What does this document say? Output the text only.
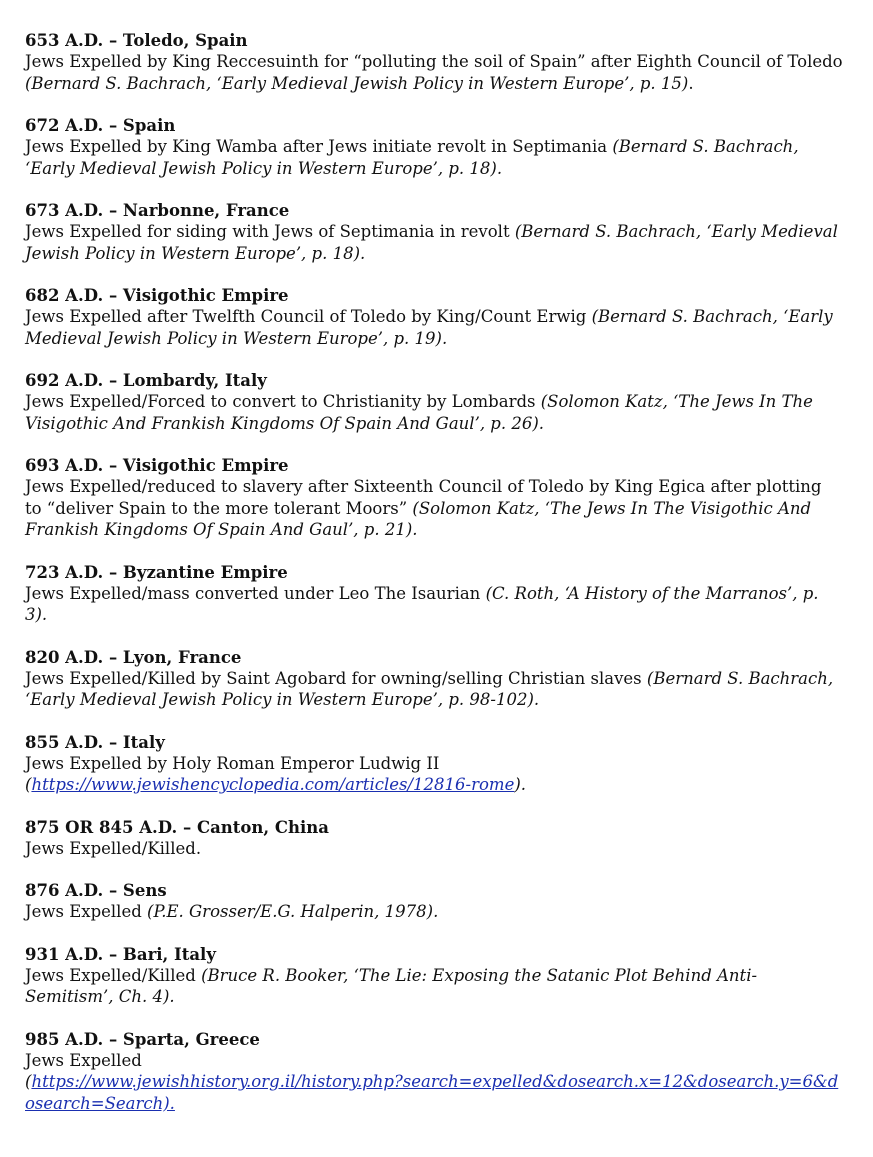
653 A.D. – Toledo, Spain
Jews Expelled by King Reccesuinth for “polluting the soil of Spain” after Eighth Council of Toledo (Bernard S. Bachrach, ‘Early Medieval Jewish Policy in Western Europe’, p. 15).
672 A.D. – Spain
Jews Expelled by King Wamba after Jews initiate revolt in Septimania (Bernard S. Bachrach, ‘Early Medieval Jewish Policy in Western Europe’, p. 18).
673 A.D. – Narbonne, France
Jews Expelled for siding with Jews of Septimania in revolt (Bernard S. Bachrach, ‘Early Medieval Jewish Policy in Western Europe’, p. 18).
682 A.D. – Visigothic Empire
Jews Expelled after Twelfth Council of Toledo by King/Count Erwig (Bernard S. Bachrach, ‘Early Medieval Jewish Policy in Western Europe’, p. 19).
692 A.D. – Lombardy, Italy
Jews Expelled/Forced to convert to Christianity by Lombards (Solomon Katz, ‘The Jews In The Visigothic And Frankish Kingdoms Of Spain And Gaul’, p. 26).
693 A.D. – Visigothic Empire
Jews Expelled/reduced to slavery after Sixteenth Council of Toledo by King Egica after plotting to “deliver Spain to the more tolerant Moors” (Solomon Katz, ‘The Jews In The Visigothic And Frankish Kingdoms Of Spain And Gaul’, p. 21).
723 A.D. – Byzantine Empire
Jews Expelled/mass converted under Leo The Isaurian (C. Roth, ‘A History of the Marranos’, p. 3).
820 A.D. – Lyon, France
Jews Expelled/Killed by Saint Agobard for owning/selling Christian slaves (Bernard S. Bachrach, ‘Early Medieval Jewish Policy in Western Europe’, p. 98-102).
855 A.D. – Italy
Jews Expelled by Holy Roman Emperor Ludwig II
(https://www.jewishencyclopedia.com/articles/12816-rome).
875 OR 845 A.D. – Canton, China
Jews Expelled/Killed.
876 A.D. – Sens
Jews Expelled (P.E. Grosser/E.G. Halperin, 1978).
931 A.D. – Bari, Italy
Jews Expelled/Killed (Bruce R. Booker, ‘The Lie: Exposing the Satanic Plot Behind Anti-Semitism’, Ch. 4).
985 A.D. – Sparta, Greece
Jews Expelled
(https://www.jewishhistory.org.il/history.php?search=expelled&dosearch.x=12&dosearch.y=6&dosearch=Search).
